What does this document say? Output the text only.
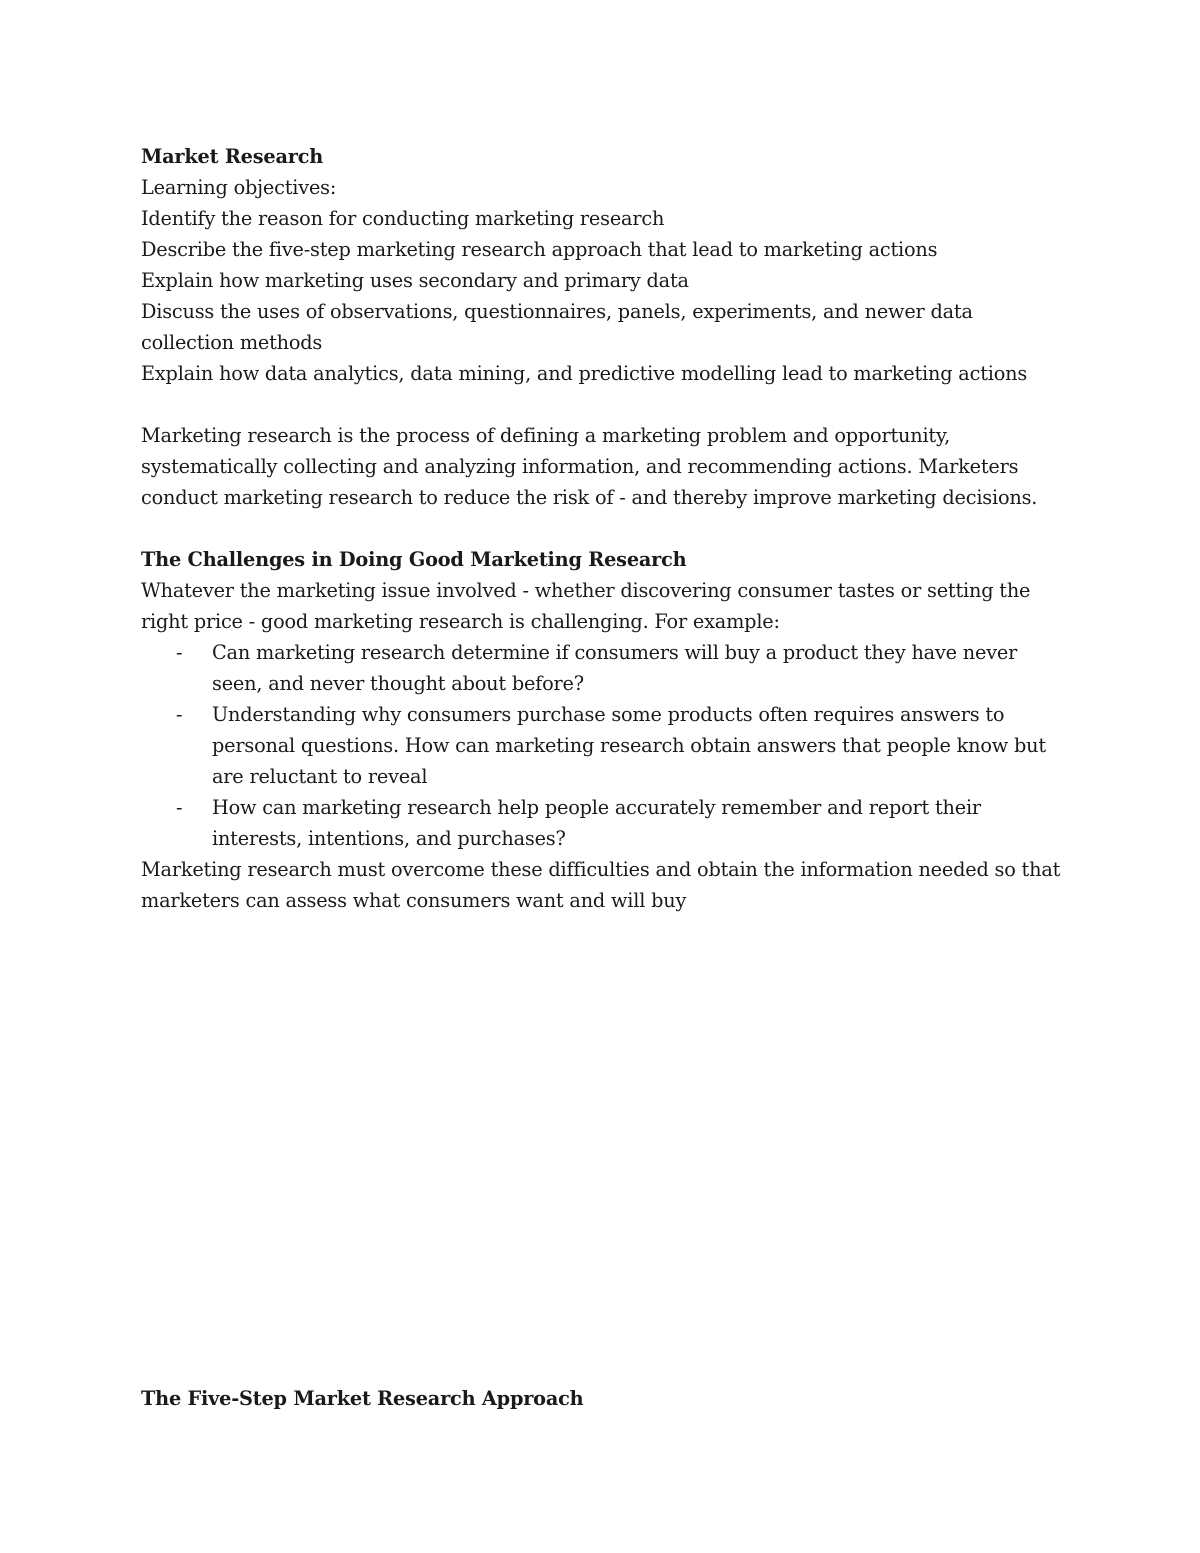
Market Research

Learning objectives:

Identify the reason for conducting marketing research

Describe the five-step marketing research approach that lead to marketing actions

Explain how marketing uses secondary and primary data

Discuss the uses of observations, questionnaires, panels, experiments, and newer data collection methods

Explain how data analytics, data mining, and predictive modelling lead to marketing actions

Marketing research is the process of defining a marketing problem and opportunity, systematically collecting and analyzing information, and recommending actions. Marketers conduct marketing research to reduce the risk of - and thereby improve marketing decisions.

The Challenges in Doing Good Marketing Research

Whatever the marketing issue involved - whether discovering consumer tastes or setting the right price - good marketing research is challenging. For example:

- Can marketing research determine if consumers will buy a product they have never seen, and never thought about before?
- Understanding why consumers purchase some products often requires answers to personal questions. How can marketing research obtain answers that people know but are reluctant to reveal
- How can marketing research help people accurately remember and report their interests, intentions, and purchases?

Marketing research must overcome these difficulties and obtain the information needed so that marketers can assess what consumers want and will buy

The Five-Step Market Research Approach
